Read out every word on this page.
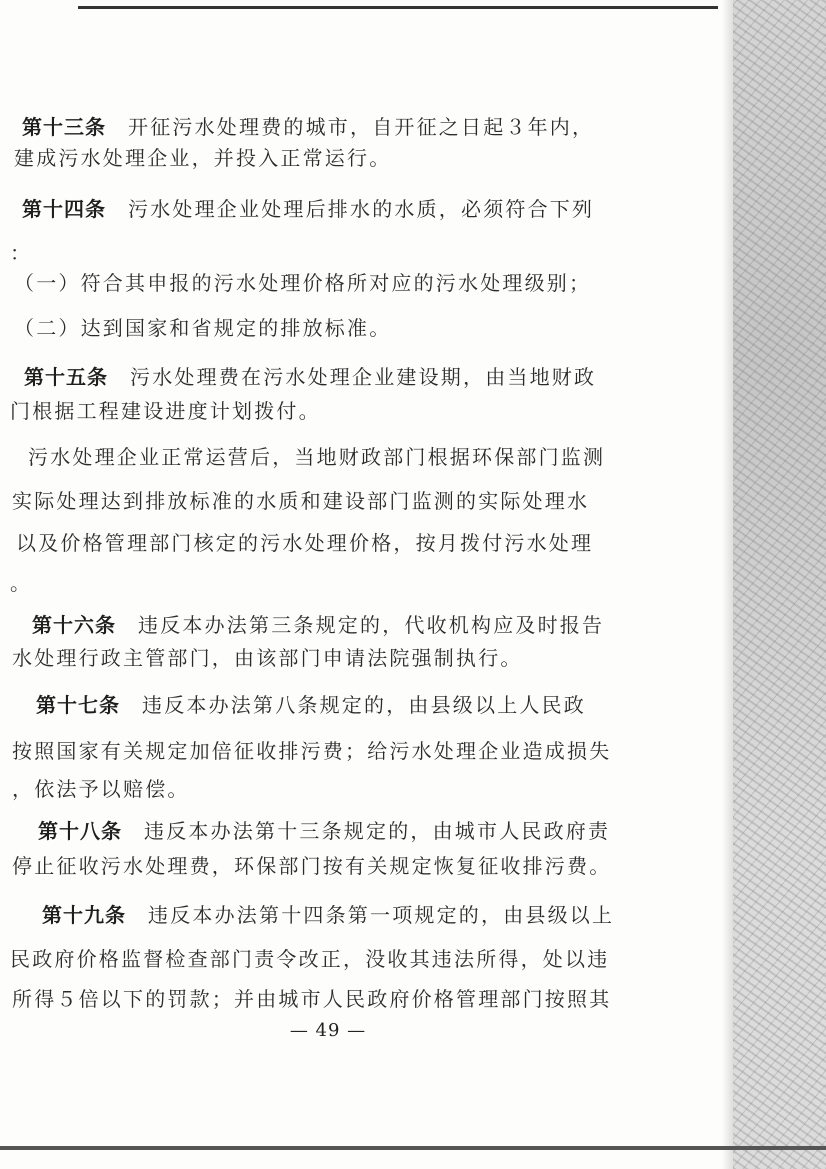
第十三条 开征污水处理费的城市，自开征之日起３年内，
建成污水处理企业，并投入正常运行。
第十四条 污水处理企业处理后排水的水质，必须符合下列
：
（一）符合其申报的污水处理价格所对应的污水处理级别；
（二）达到国家和省规定的排放标准。
第十五条 污水处理费在污水处理企业建设期，由当地财政
门根据工程建设进度计划拨付。
污水处理企业正常运营后，当地财政部门根据环保部门监测
实际处理达到排放标准的水质和建设部门监测的实际处理水
以及价格管理部门核定的污水处理价格，按月拨付污水处理
。
第十六条 违反本办法第三条规定的，代收机构应及时报告
水处理行政主管部门，由该部门申请法院强制执行。
第十七条 违反本办法第八条规定的，由县级以上人民政
按照国家有关规定加倍征收排污费；给污水处理企业造成损失
，依法予以赔偿。
第十八条 违反本办法第十三条规定的，由城市人民政府责
停止征收污水处理费，环保部门按有关规定恢复征收排污费。
第十九条 违反本办法第十四条第一项规定的，由县级以上
民政府价格监督检查部门责令改正，没收其违法所得，处以违
所得５倍以下的罚款；并由城市人民政府价格管理部门按照其
— 49 —
